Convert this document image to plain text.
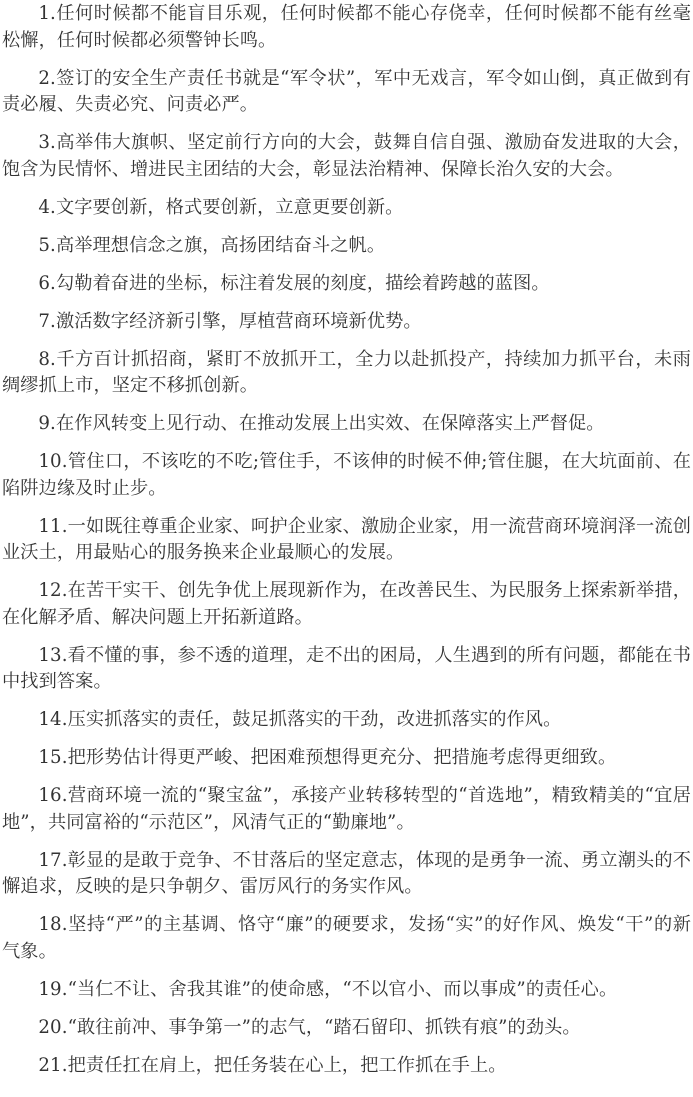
1.任何时候都不能盲目乐观，任何时候都不能心存侥幸，任何时候都不能有丝毫松懈，任何时候都必须警钟长鸣。

2.签订的安全生产责任书就是“军令状”，军中无戏言，军令如山倒，真正做到有责必履、失责必究、问责必严。

3.高举伟大旗帜、坚定前行方向的大会，鼓舞自信自强、激励奋发进取的大会，饱含为民情怀、增进民主团结的大会，彰显法治精神、保障长治久安的大会。

4.文字要创新，格式要创新，立意更要创新。

5.高举理想信念之旗，高扬团结奋斗之帆。

6.勾勒着奋进的坐标，标注着发展的刻度，描绘着跨越的蓝图。

7.激活数字经济新引擎，厚植营商环境新优势。

8.千方百计抓招商，紧盯不放抓开工，全力以赴抓投产，持续加力抓平台，未雨绸缪抓上市，坚定不移抓创新。

9.在作风转变上见行动、在推动发展上出实效、在保障落实上严督促。

10.管住口，不该吃的不吃;管住手，不该伸的时候不伸;管住腿，在大坑面前、在陷阱边缘及时止步。

11.一如既往尊重企业家、呵护企业家、激励企业家，用一流营商环境润泽一流创业沃土，用最贴心的服务换来企业最顺心的发展。

12.在苦干实干、创先争优上展现新作为，在改善民生、为民服务上探索新举措，在化解矛盾、解决问题上开拓新道路。

13.看不懂的事，参不透的道理，走不出的困局，人生遇到的所有问题，都能在书中找到答案。

14.压实抓落实的责任，鼓足抓落实的干劲，改进抓落实的作风。

15.把形势估计得更严峻、把困难预想得更充分、把措施考虑得更细致。

16.营商环境一流的“聚宝盆”，承接产业转移转型的“首选地”，精致精美的“宜居地”，共同富裕的“示范区”，风清气正的“勤廉地”。

17.彰显的是敢于竞争、不甘落后的坚定意志，体现的是勇争一流、勇立潮头的不懈追求，反映的是只争朝夕、雷厉风行的务实作风。

18.坚持“严”的主基调、恪守“廉”的硬要求，发扬“实”的好作风、焕发“干”的新气象。

19.“当仁不让、舍我其谁”的使命感，“不以官小、而以事成”的责任心。

20.“敢往前冲、事争第一”的志气，“踏石留印、抓铁有痕”的劲头。

21.把责任扛在肩上，把任务装在心上，把工作抓在手上。
